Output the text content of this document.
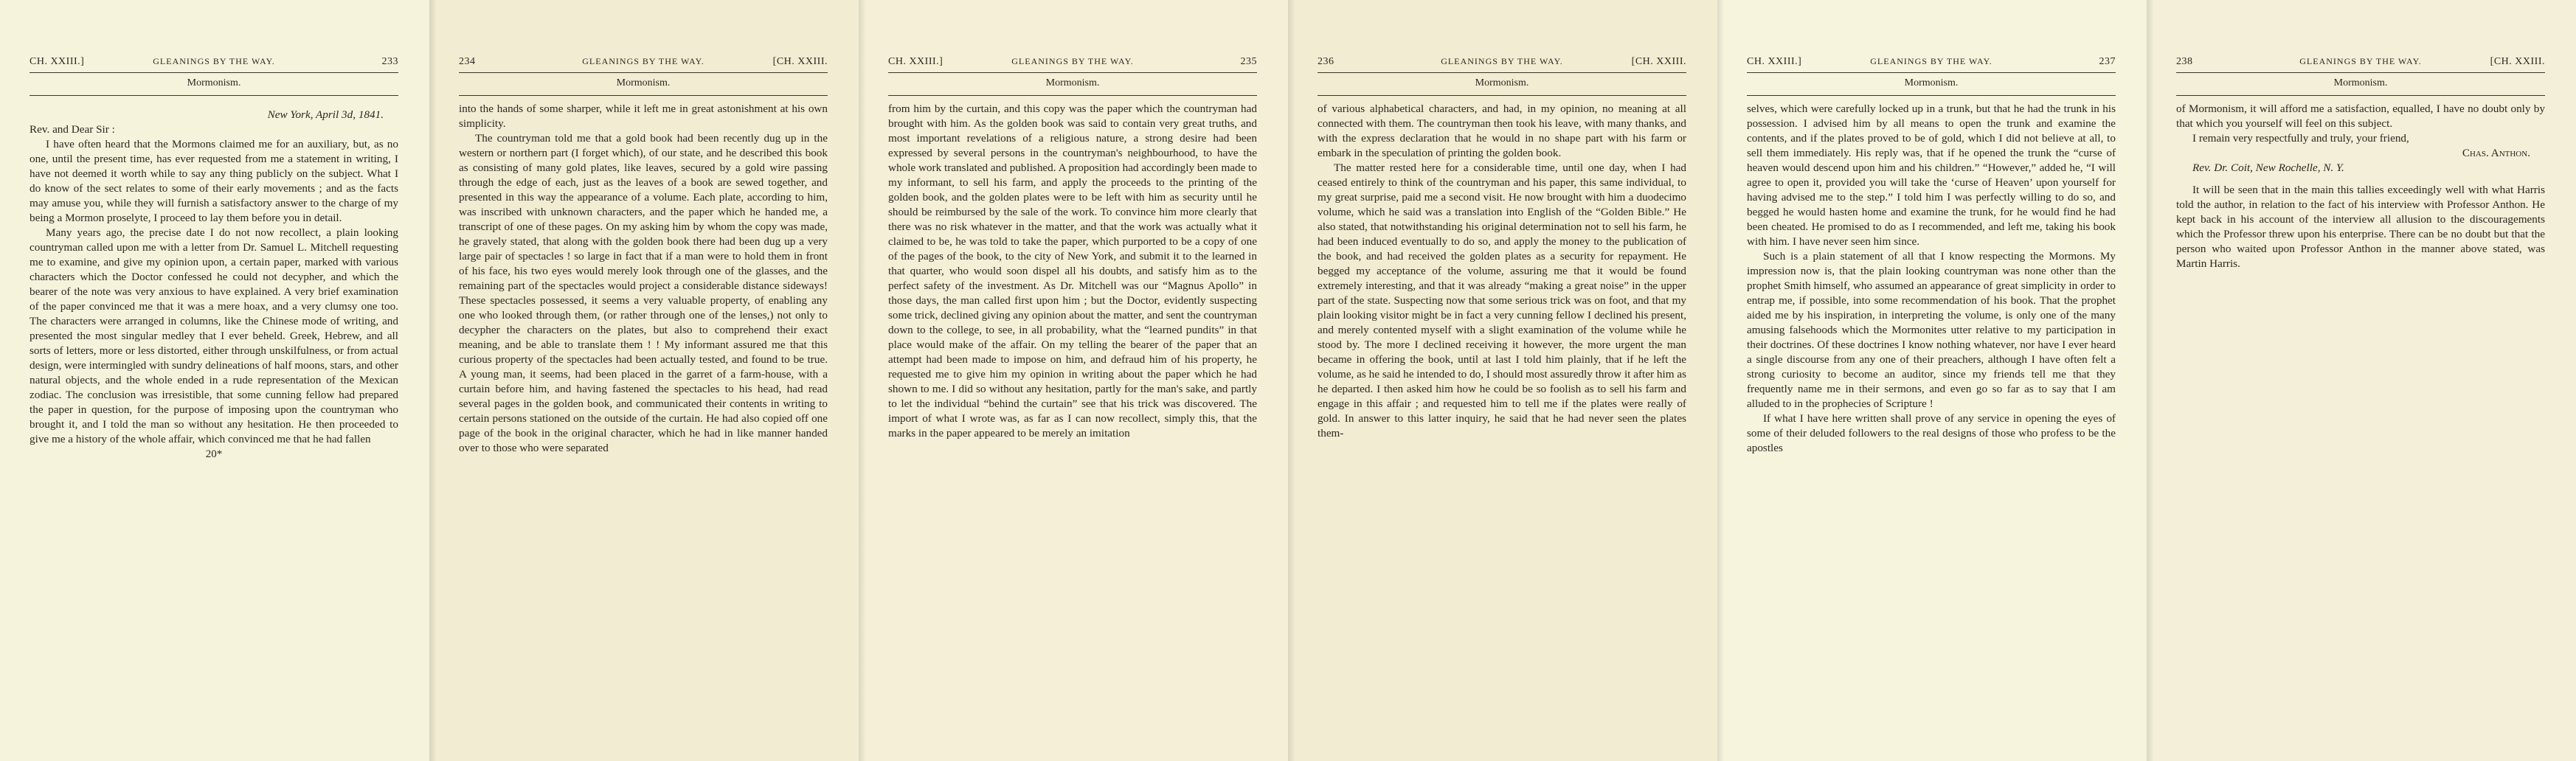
CH. XXIII.]	GLEANINGS BY THE WAY.	233
Mormonism.

New York, April 3d, 1841.

Rev. and Dear Sir :

I have often heard that the Mormons claimed me for an auxiliary, but, as no one, until the present time, has ever requested from me a statement in writing, I have not deemed it worth while to say any thing publicly on the subject. What I do know of the sect relates to some of their early movements ; and as the facts may amuse you, while they will furnish a satisfactory answer to the charge of my being a Mormon proselyte, I proceed to lay them before you in detail.

Many years ago, the precise date I do not now recollect, a plain looking countryman called upon me with a letter from Dr. Samuel L. Mitchell requesting me to examine, and give my opinion upon, a certain paper, marked with various characters which the Doctor confessed he could not decypher, and which the bearer of the note was very anxious to have explained. A very brief examination of the paper convinced me that it was a mere hoax, and a very clumsy one too. The characters were arranged in columns, like the Chinese mode of writing, and presented the most singular medley that I ever beheld. Greek, Hebrew, and all sorts of letters, more or less distorted, either through unskilfulness, or from actual design, were intermingled with sundry delineations of half moons, stars, and other natural objects, and the whole ended in a rude representation of the Mexican zodiac. The conclusion was irresistible, that some cunning fellow had prepared the paper in question, for the purpose of imposing upon the countryman who brought it, and I told the man so without any hesitation. He then proceeded to give me a history of the whole affair, which convinced me that he had fallen

20*

234	GLEANINGS BY THE WAY.	[CH. XXIII.
Mormonism.

into the hands of some sharper, while it left me in great astonishment at his own simplicity.

The countryman told me that a gold book had been recently dug up in the western or northern part (I forget which), of our state, and he described this book as consisting of many gold plates, like leaves, secured by a gold wire passing through the edge of each, just as the leaves of a book are sewed together, and presented in this way the appearance of a volume. Each plate, according to him, was inscribed with unknown characters, and the paper which he handed me, a transcript of one of these pages. On my asking him by whom the copy was made, he gravely stated, that along with the golden book there had been dug up a very large pair of spectacles ! so large in fact that if a man were to hold them in front of his face, his two eyes would merely look through one of the glasses, and the remaining part of the spectacles would project a considerable distance sideways! These spectacles possessed, it seems a very valuable property, of enabling any one who looked through them, (or rather through one of the lenses,) not only to decypher the characters on the plates, but also to comprehend their exact meaning, and be able to translate them ! ! My informant assured me that this curious property of the spectacles had been actually tested, and found to be true. A young man, it seems, had been placed in the garret of a farm-house, with a curtain before him, and having fastened the spectacles to his head, had read several pages in the golden book, and communicated their contents in writing to certain persons stationed on the outside of the curtain. He had also copied off one page of the book in the original character, which he had in like manner handed over to those who were separated

CH. XXIII.]	GLEANINGS BY THE WAY.	235
Mormonism.

from him by the curtain, and this copy was the paper which the countryman had brought with him. As the golden book was said to contain very great truths, and most important revelations of a religious nature, a strong desire had been expressed by several persons in the countryman's neighbourhood, to have the whole work translated and published. A proposition had accordingly been made to my informant, to sell his farm, and apply the proceeds to the printing of the golden book, and the golden plates were to be left with him as security until he should be reimbursed by the sale of the work. To convince him more clearly that there was no risk whatever in the matter, and that the work was actually what it claimed to be, he was told to take the paper, which purported to be a copy of one of the pages of the book, to the city of New York, and submit it to the learned in that quarter, who would soon dispel all his doubts, and satisfy him as to the perfect safety of the investment. As Dr. Mitchell was our “Magnus Apollo” in those days, the man called first upon him ; but the Doctor, evidently suspecting some trick, declined giving any opinion about the matter, and sent the countryman down to the college, to see, in all probability, what the “learned pundits” in that place would make of the affair. On my telling the bearer of the paper that an attempt had been made to impose on him, and defraud him of his property, he requested me to give him my opinion in writing about the paper which he had shown to me. I did so without any hesitation, partly for the man's sake, and partly to let the individual “behind the curtain” see that his trick was discovered. The import of what I wrote was, as far as I can now recollect, simply this, that the marks in the paper appeared to be merely an imitation

236	GLEANINGS BY THE WAY.	[CH. XXIII.
Mormonism.

of various alphabetical characters, and had, in my opinion, no meaning at all connected with them. The countryman then took his leave, with many thanks, and with the express declaration that he would in no shape part with his farm or embark in the speculation of printing the golden book.

The matter rested here for a considerable time, until one day, when I had ceased entirely to think of the countryman and his paper, this same individual, to my great surprise, paid me a second visit. He now brought with him a duodecimo volume, which he said was a translation into English of the “Golden Bible.” He also stated, that notwithstanding his original determination not to sell his farm, he had been induced eventually to do so, and apply the money to the publication of the book, and had received the golden plates as a security for repayment. He begged my acceptance of the volume, assuring me that it would be found extremely interesting, and that it was already “making a great noise” in the upper part of the state. Suspecting now that some serious trick was on foot, and that my plain looking visitor might be in fact a very cunning fellow I declined his present, and merely contented myself with a slight examination of the volume while he stood by. The more I declined receiving it however, the more urgent the man became in offering the book, until at last I told him plainly, that if he left the volume, as he said he intended to do, I should most assuredly throw it after him as he departed. I then asked him how he could be so foolish as to sell his farm and engage in this affair ; and requested him to tell me if the plates were really of gold. In answer to this latter inquiry, he said that he had never seen the plates them-

CH. XXIII.]	GLEANINGS BY THE WAY.	237
Mormonism.

selves, which were carefully locked up in a trunk, but that he had the trunk in his possession. I advised him by all means to open the trunk and examine the contents, and if the plates proved to be of gold, which I did not believe at all, to sell them immediately. His reply was, that if he opened the trunk the “curse of heaven would descend upon him and his children.” “However,” added he, “I will agree to open it, provided you will take the ‘curse of Heaven’ upon yourself for having advised me to the step.” I told him I was perfectly willing to do so, and begged he would hasten home and examine the trunk, for he would find he had been cheated. He promised to do as I recommended, and left me, taking his book with him. I have never seen him since.

Such is a plain statement of all that I know respecting the Mormons. My impression now is, that the plain looking countryman was none other than the prophet Smith himself, who assumed an appearance of great simplicity in order to entrap me, if possible, into some recommendation of his book. That the prophet aided me by his inspiration, in interpreting the volume, is only one of the many amusing falsehoods which the Mormonites utter relative to my participation in their doctrines. Of these doctrines I know nothing whatever, nor have I ever heard a single discourse from any one of their preachers, although I have often felt a strong curiosity to become an auditor, since my friends tell me that they frequently name me in their sermons, and even go so far as to say that I am alluded to in the prophecies of Scripture !

If what I have here written shall prove of any service in opening the eyes of some of their deluded followers to the real designs of those who profess to be the apostles

238	GLEANINGS BY THE WAY.	[CH. XXIII.
Mormonism.

of Mormonism, it will afford me a satisfaction, equalled, I have no doubt only by that which you yourself will feel on this subject.

I remain very respectfully and truly, your friend,

Chas. Anthon.

Rev. Dr. Coit, New Rochelle, N. Y.

It will be seen that in the main this tallies exceedingly well with what Harris told the author, in relation to the fact of his interview with Professor Anthon. He kept back in his account of the interview all allusion to the discouragements which the Professor threw upon his enterprise. There can be no doubt but that the person who waited upon Professor Anthon in the manner above stated, was Martin Harris.
